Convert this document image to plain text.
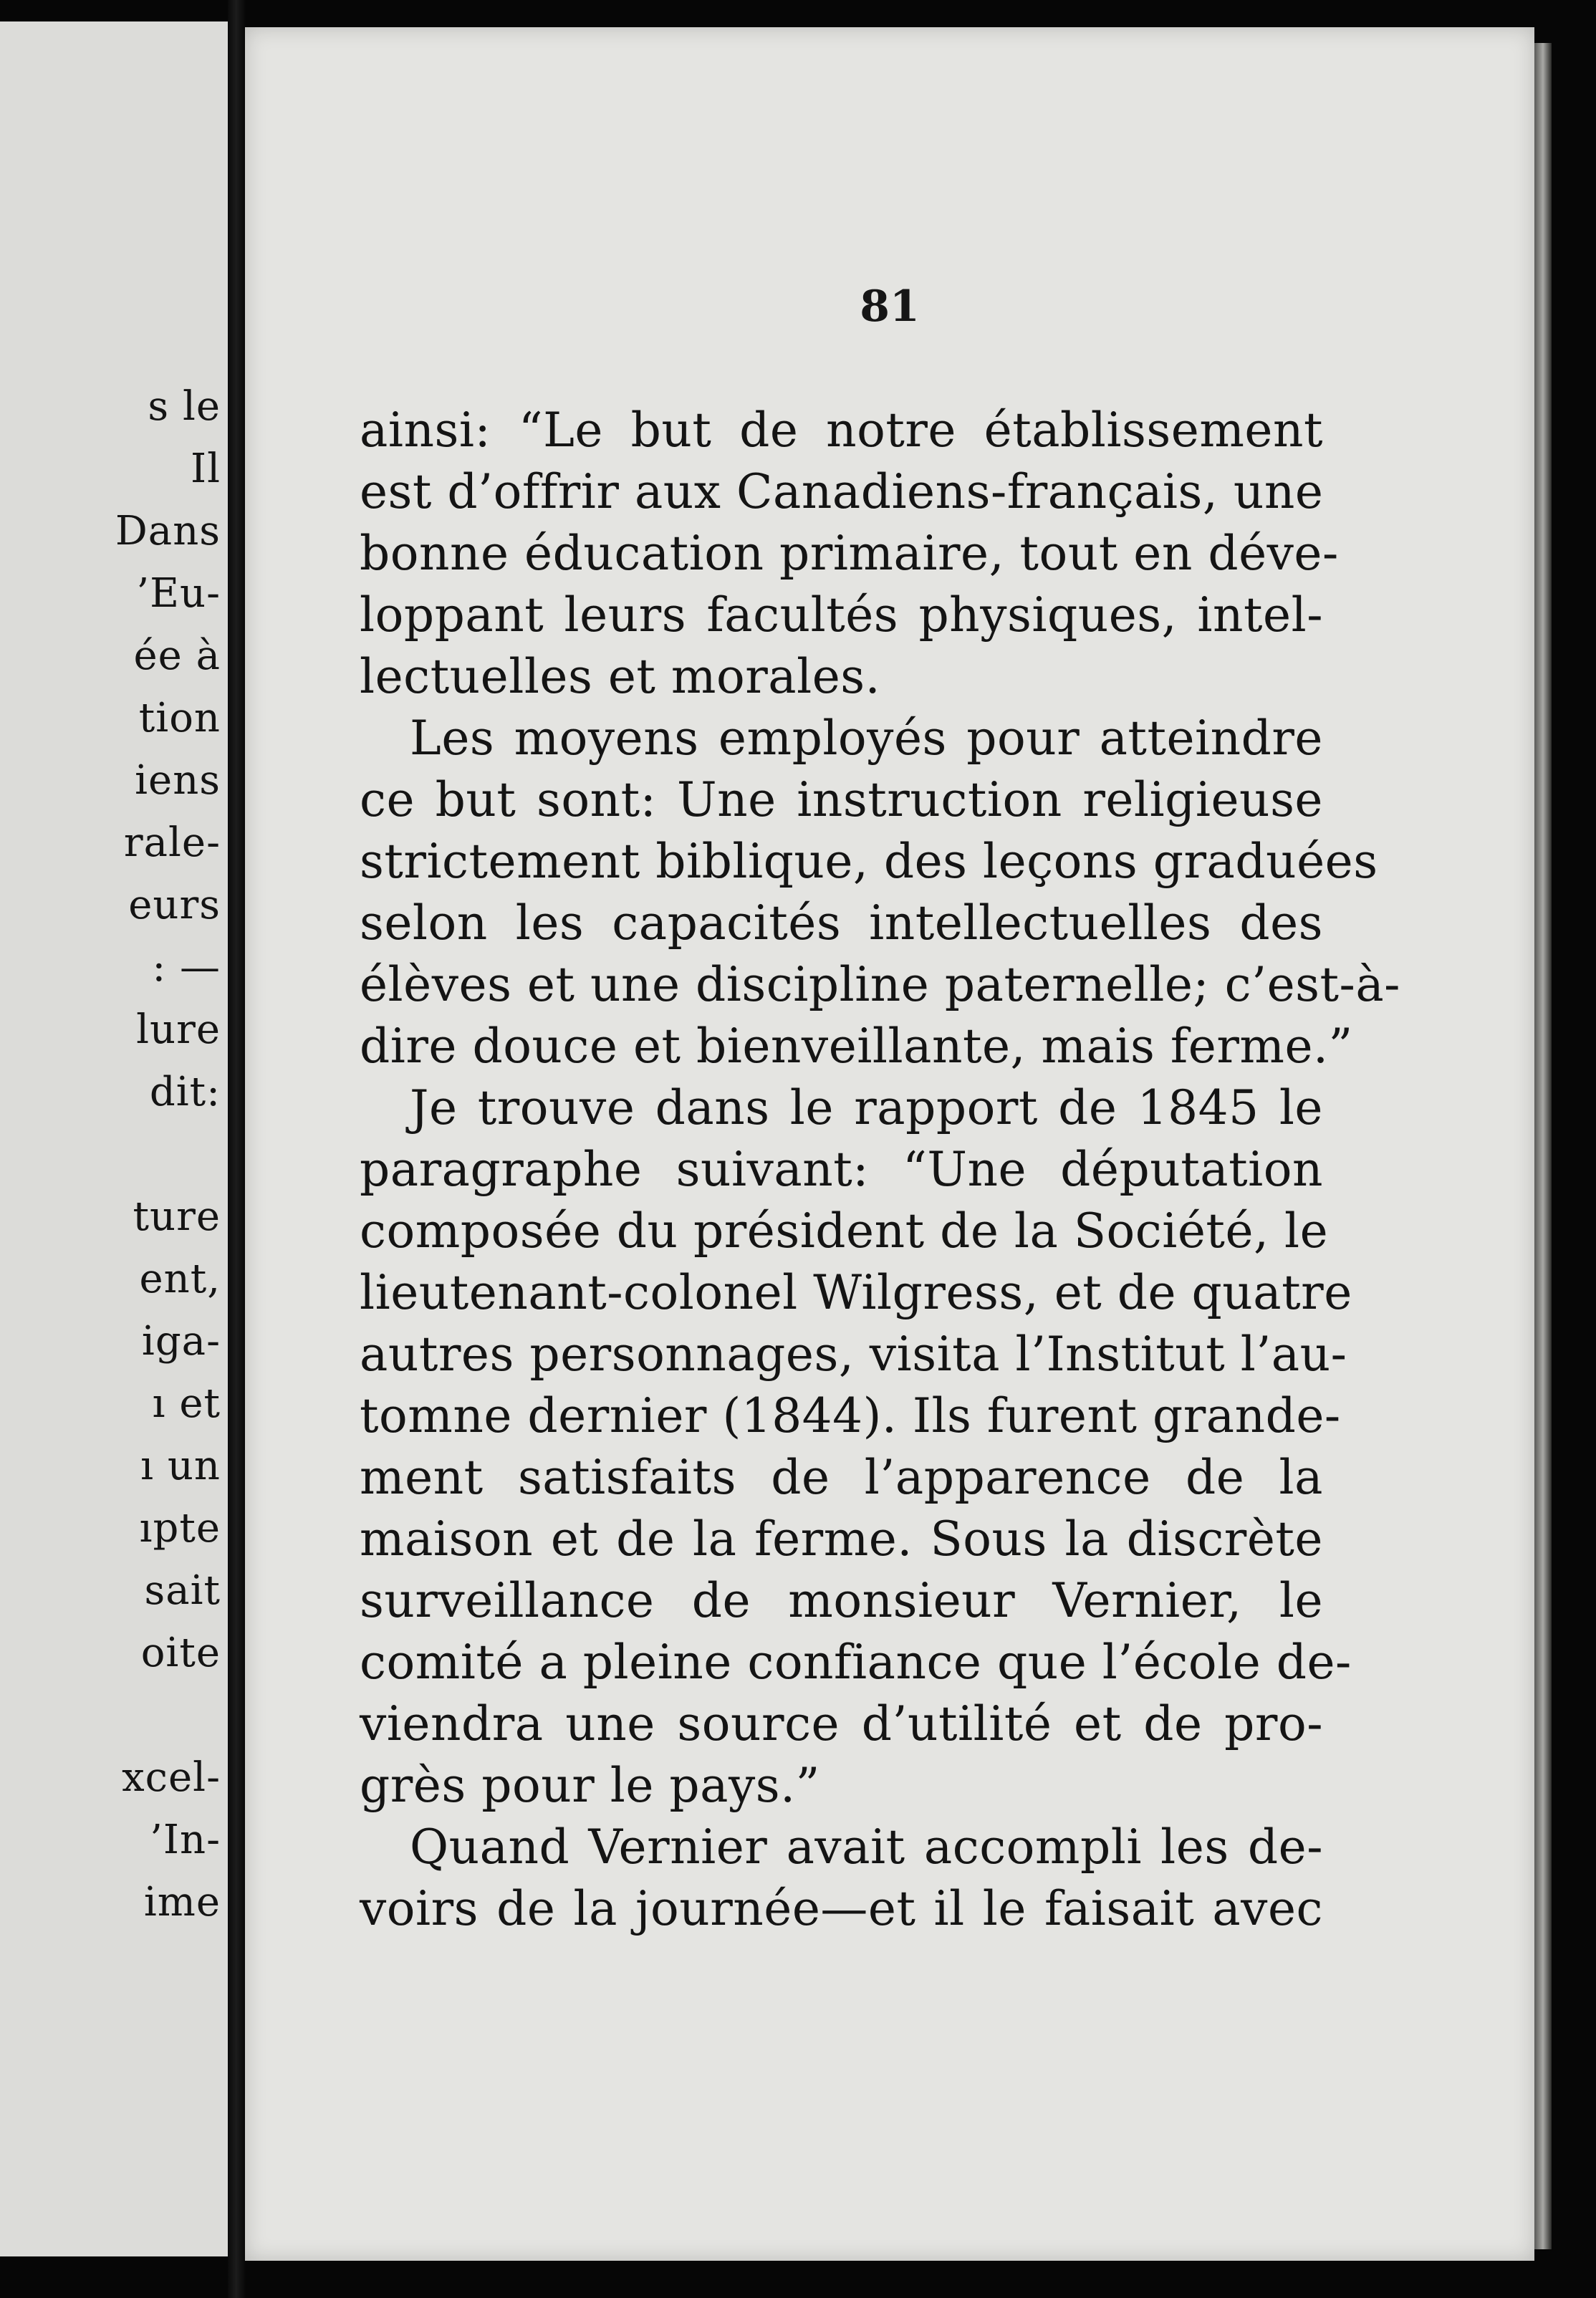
s le
Il
Dans
’Eu-
ée à
tion
iens
rale-
eurs
: —
lure
dit:
ture
ent,
iga-
ı et
ı un
ıpte
sait
oite
xcel-
’In-
ime
81
ainsi: “Le but de notre établissement
est d’offrir aux Canadiens-français, une
bonne éducation primaire, tout en déve-
loppant leurs facultés physiques, intel-
lectuelles et morales.
Les moyens employés pour atteindre
ce but sont: Une instruction religieuse
strictement biblique, des leçons graduées
selon les capacités intellectuelles des
élèves et une discipline paternelle; c’est-à-
dire douce et bienveillante, mais ferme.”
Je trouve dans le rapport de 1845 le
paragraphe suivant: “Une députation
composée du président de la Société, le
lieutenant-colonel Wilgress, et de quatre
autres personnages, visita l’Institut l’au-
tomne dernier (1844). Ils furent grande-
ment satisfaits de l’apparence de la
maison et de la ferme. Sous la discrète
surveillance de monsieur Vernier, le
comité a pleine confiance que l’école de-
viendra une source d’utilité et de pro-
grès pour le pays.”
Quand Vernier avait accompli les de-
voirs de la journée—et il le faisait avec
